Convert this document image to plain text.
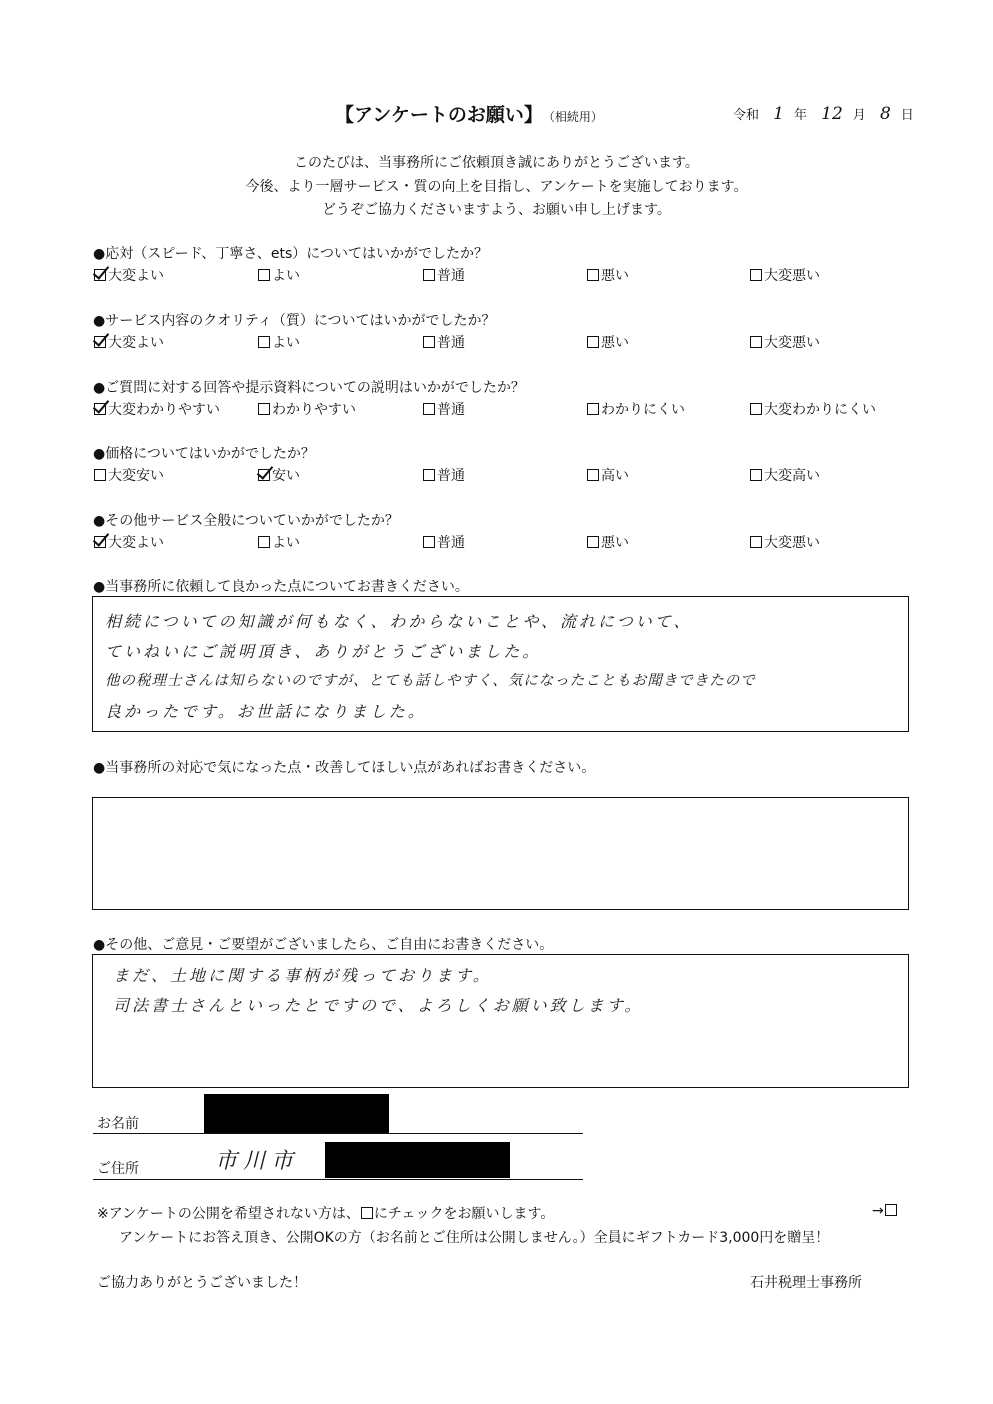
【アンケートのお願い】 （相続用）	令和 1 年 12 月 8 日
このたびは、当事務所にご依頼頂き誠にありがとうございます。
今後、より一層サービス・質の向上を目指し、アンケートを実施しております。
どうぞご協力くださいますよう、お願い申し上げます。
●応対（スピード、丁寧さ、ets）についてはいかがでしたか？
大変よい	よい	普通	悪い	大変悪い
●サービス内容のクオリティ（質）についてはいかがでしたか？
大変よい	よい	普通	悪い	大変悪い
●ご質問に対する回答や提示資料についての説明はいかがでしたか？
大変わかりやすい	わかりやすい	普通	わかりにくい	大変わかりにくい
●価格についてはいかがでしたか？
大変安い	安い	普通	高い	大変高い
●その他サービス全般についていかがでしたか？
大変よい	よい	普通	悪い	大変悪い
●当事務所に依頼して良かった点についてお書きください。
相続についての知識が何もなく、わからないことや、流れについて、
ていねいにご説明頂き、ありがとうございました。
他の税理士さんは知らないのですが、とても話しやすく、気になったこともお聞きできたので
良かったです。お世話になりました。
●当事務所の対応で気になった点・改善してほしい点があればお書きください。
●その他、ご意見・ご要望がございましたら、ご自由にお書きください。
まだ、土地に関する事柄が残っております。
司法書士さんといったとですので、よろしくお願い致します。
お名前
ご住所	市川市
※アンケートの公開を希望されない方は、 にチェックをお願いします。	→
アンケートにお答え頂き、公開OKの方（お名前とご住所は公開しません。）全員にギフトカード3,000円を贈呈！
ご協力ありがとうございました！	石井税理士事務所
